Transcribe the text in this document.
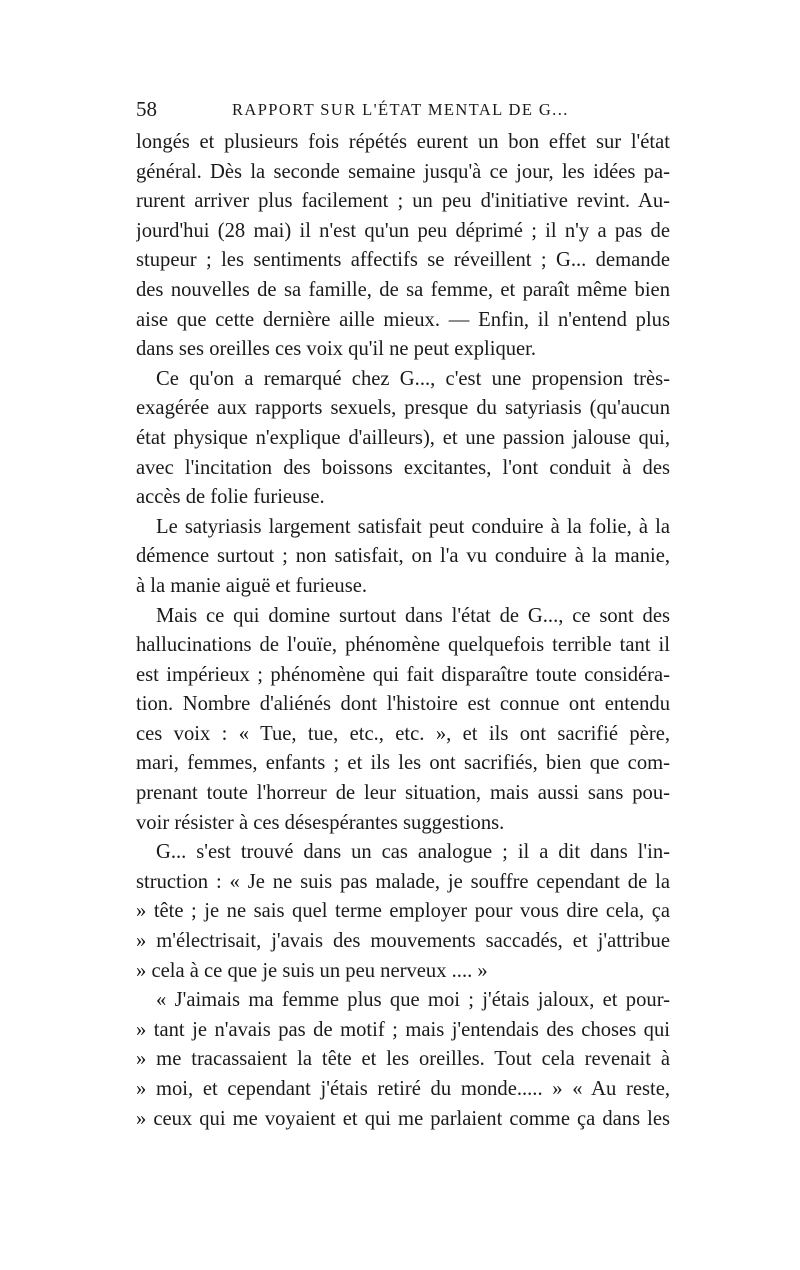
58	RAPPORT SUR L'ÉTAT MENTAL DE G...
longés et plusieurs fois répétés eurent un bon effet sur l'état
général. Dès la seconde semaine jusqu'à ce jour, les idées pa-
rurent arriver plus facilement ; un peu d'initiative revint. Au-
jourd'hui (28 mai) il n'est qu'un peu déprimé ; il n'y a pas de
stupeur ; les sentiments affectifs se réveillent ; G... demande
des nouvelles de sa famille, de sa femme, et paraît même bien
aise que cette dernière aille mieux. — Enfin, il n'entend plus
dans ses oreilles ces voix qu'il ne peut expliquer.
Ce qu'on a remarqué chez G..., c'est une propension très-
exagérée aux rapports sexuels, presque du satyriasis (qu'aucun
état physique n'explique d'ailleurs), et une passion jalouse qui,
avec l'incitation des boissons excitantes, l'ont conduit à des
accès de folie furieuse.
Le satyriasis largement satisfait peut conduire à la folie, à la
démence surtout ; non satisfait, on l'a vu conduire à la manie,
à la manie aiguë et furieuse.
Mais ce qui domine surtout dans l'état de G..., ce sont des
hallucinations de l'ouïe, phénomène quelquefois terrible tant il
est impérieux ; phénomène qui fait disparaître toute considéra-
tion. Nombre d'aliénés dont l'histoire est connue ont entendu
ces voix : « Tue, tue, etc., etc. », et ils ont sacrifié père,
mari, femmes, enfants ; et ils les ont sacrifiés, bien que com-
prenant toute l'horreur de leur situation, mais aussi sans pou-
voir résister à ces désespérantes suggestions.
G... s'est trouvé dans un cas analogue ; il a dit dans l'in-
struction : « Je ne suis pas malade, je souffre cependant de la
» tête ; je ne sais quel terme employer pour vous dire cela, ça
» m'électrisait, j'avais des mouvements saccadés, et j'attribue
» cela à ce que je suis un peu nerveux .... »
« J'aimais ma femme plus que moi ; j'étais jaloux, et pour-
» tant je n'avais pas de motif ; mais j'entendais des choses qui
» me tracassaient la tête et les oreilles. Tout cela revenait à
» moi, et cependant j'étais retiré du monde..... » « Au reste,
» ceux qui me voyaient et qui me parlaient comme ça dans les
